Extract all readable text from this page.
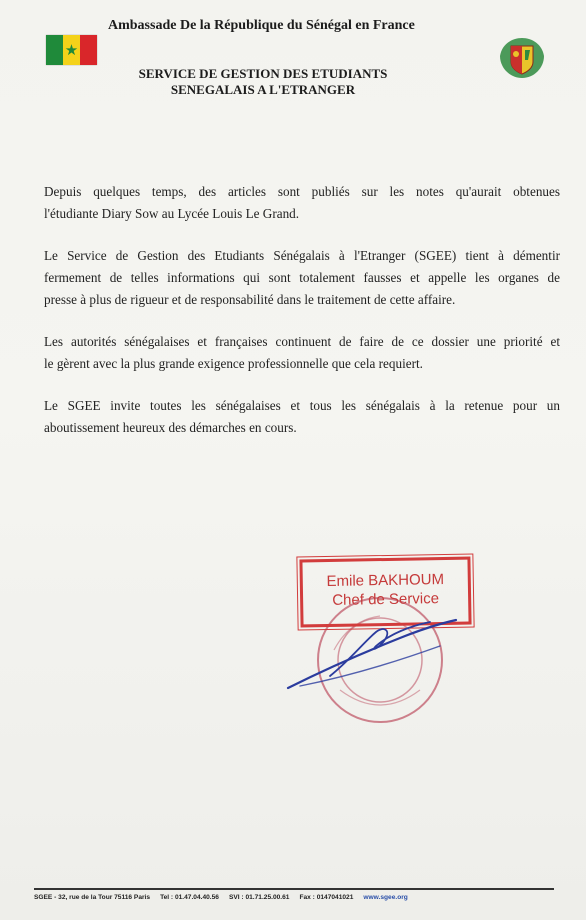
★
Ambassade De la République du Sénégal en France
SERVICE DE GESTION DES ETUDIANTS
SENEGALAIS A L'ETRANGER

Depuis quelques temps, des articles sont publiés sur les notes qu'aurait obtenues
l'étudiante Diary Sow au Lycée Louis Le Grand.

Le Service de Gestion des Etudiants Sénégalais à l'Etranger (SGEE) tient à démentir
fermement de telles informations qui sont totalement fausses et appelle les organes de
presse à plus de rigueur et de responsabilité dans le traitement de cette affaire.

Les autorités sénégalaises et françaises continuent de faire de ce dossier une priorité et
le gèrent avec la plus grande exigence professionnelle que cela requiert.

Le SGEE invite toutes les sénégalaises et tous les sénégalais à la retenue pour un
aboutissement heureux des démarches en cours.

Emile BAKHOUM
Chef de Service
SGEE - 32, rue de la Tour 75116 Paris Tel : 01.47.04.40.56 SVI : 01.71.25.00.61 Fax : 0147041021 www.sgee.org
